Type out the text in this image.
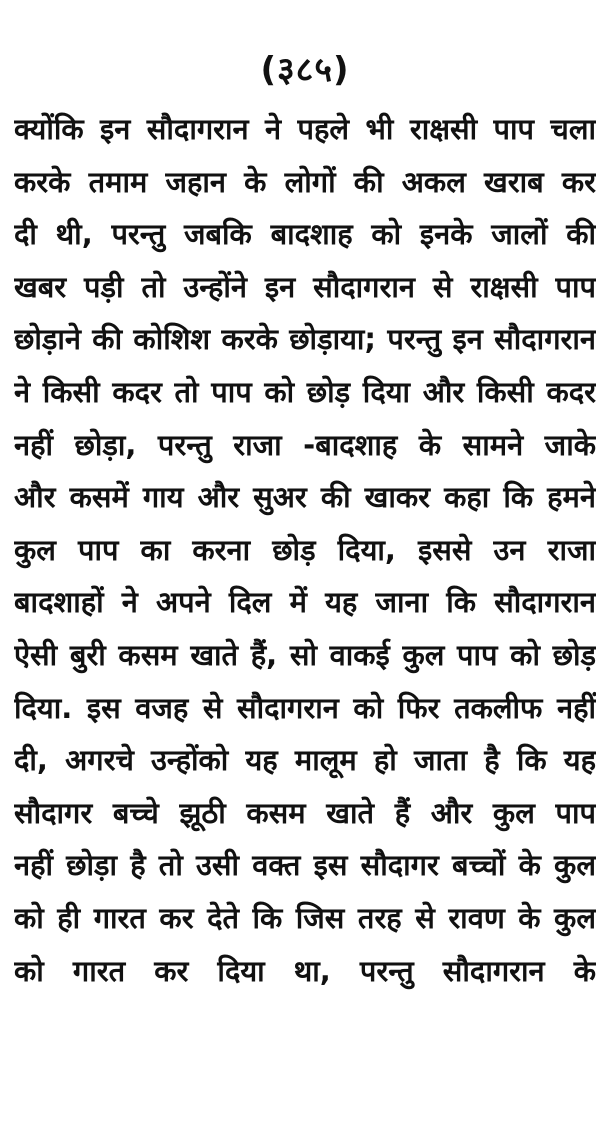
(३८५)
क्योंकि इन सौदागरान ने पहले भी राक्षसी पाप चला
करके तमाम जहान के लोगों की अकल खराब कर
दी थी, परन्तु जबकि बादशाह को इनके जालों की
खबर पड़ी तो उन्होंने इन सौदागरान से राक्षसी पाप
छोड़ाने की कोशिश करके छोड़ाया; परन्तु इन सौदागरान
ने किसी कदर तो पाप को छोड़ दिया और किसी कदर
नहीं छोड़ा, परन्तु राजा -बादशाह के सामने जाके
और कसमें गाय और सुअर की खाकर कहा कि हमने
कुल पाप का करना छोड़ दिया, इससे उन राजा
बादशाहों ने अपने दिल में यह जाना कि सौदागरान
ऐसी बुरी कसम खाते हैं, सो वाकई कुल पाप को छोड़
दिया. इस वजह से सौदागरान को फिर तकलीफ नहीं
दी, अगरचे उन्होंको यह मालूम हो जाता है कि यह
सौदागर बच्चे झूठी कसम खाते हैं और कुल पाप
नहीं छोड़ा है तो उसी वक्त इस सौदागर बच्चों के कुल
को ही गारत कर देते कि जिस तरह से रावण के कुल
को गारत कर दिया था, परन्तु सौदागरान के
